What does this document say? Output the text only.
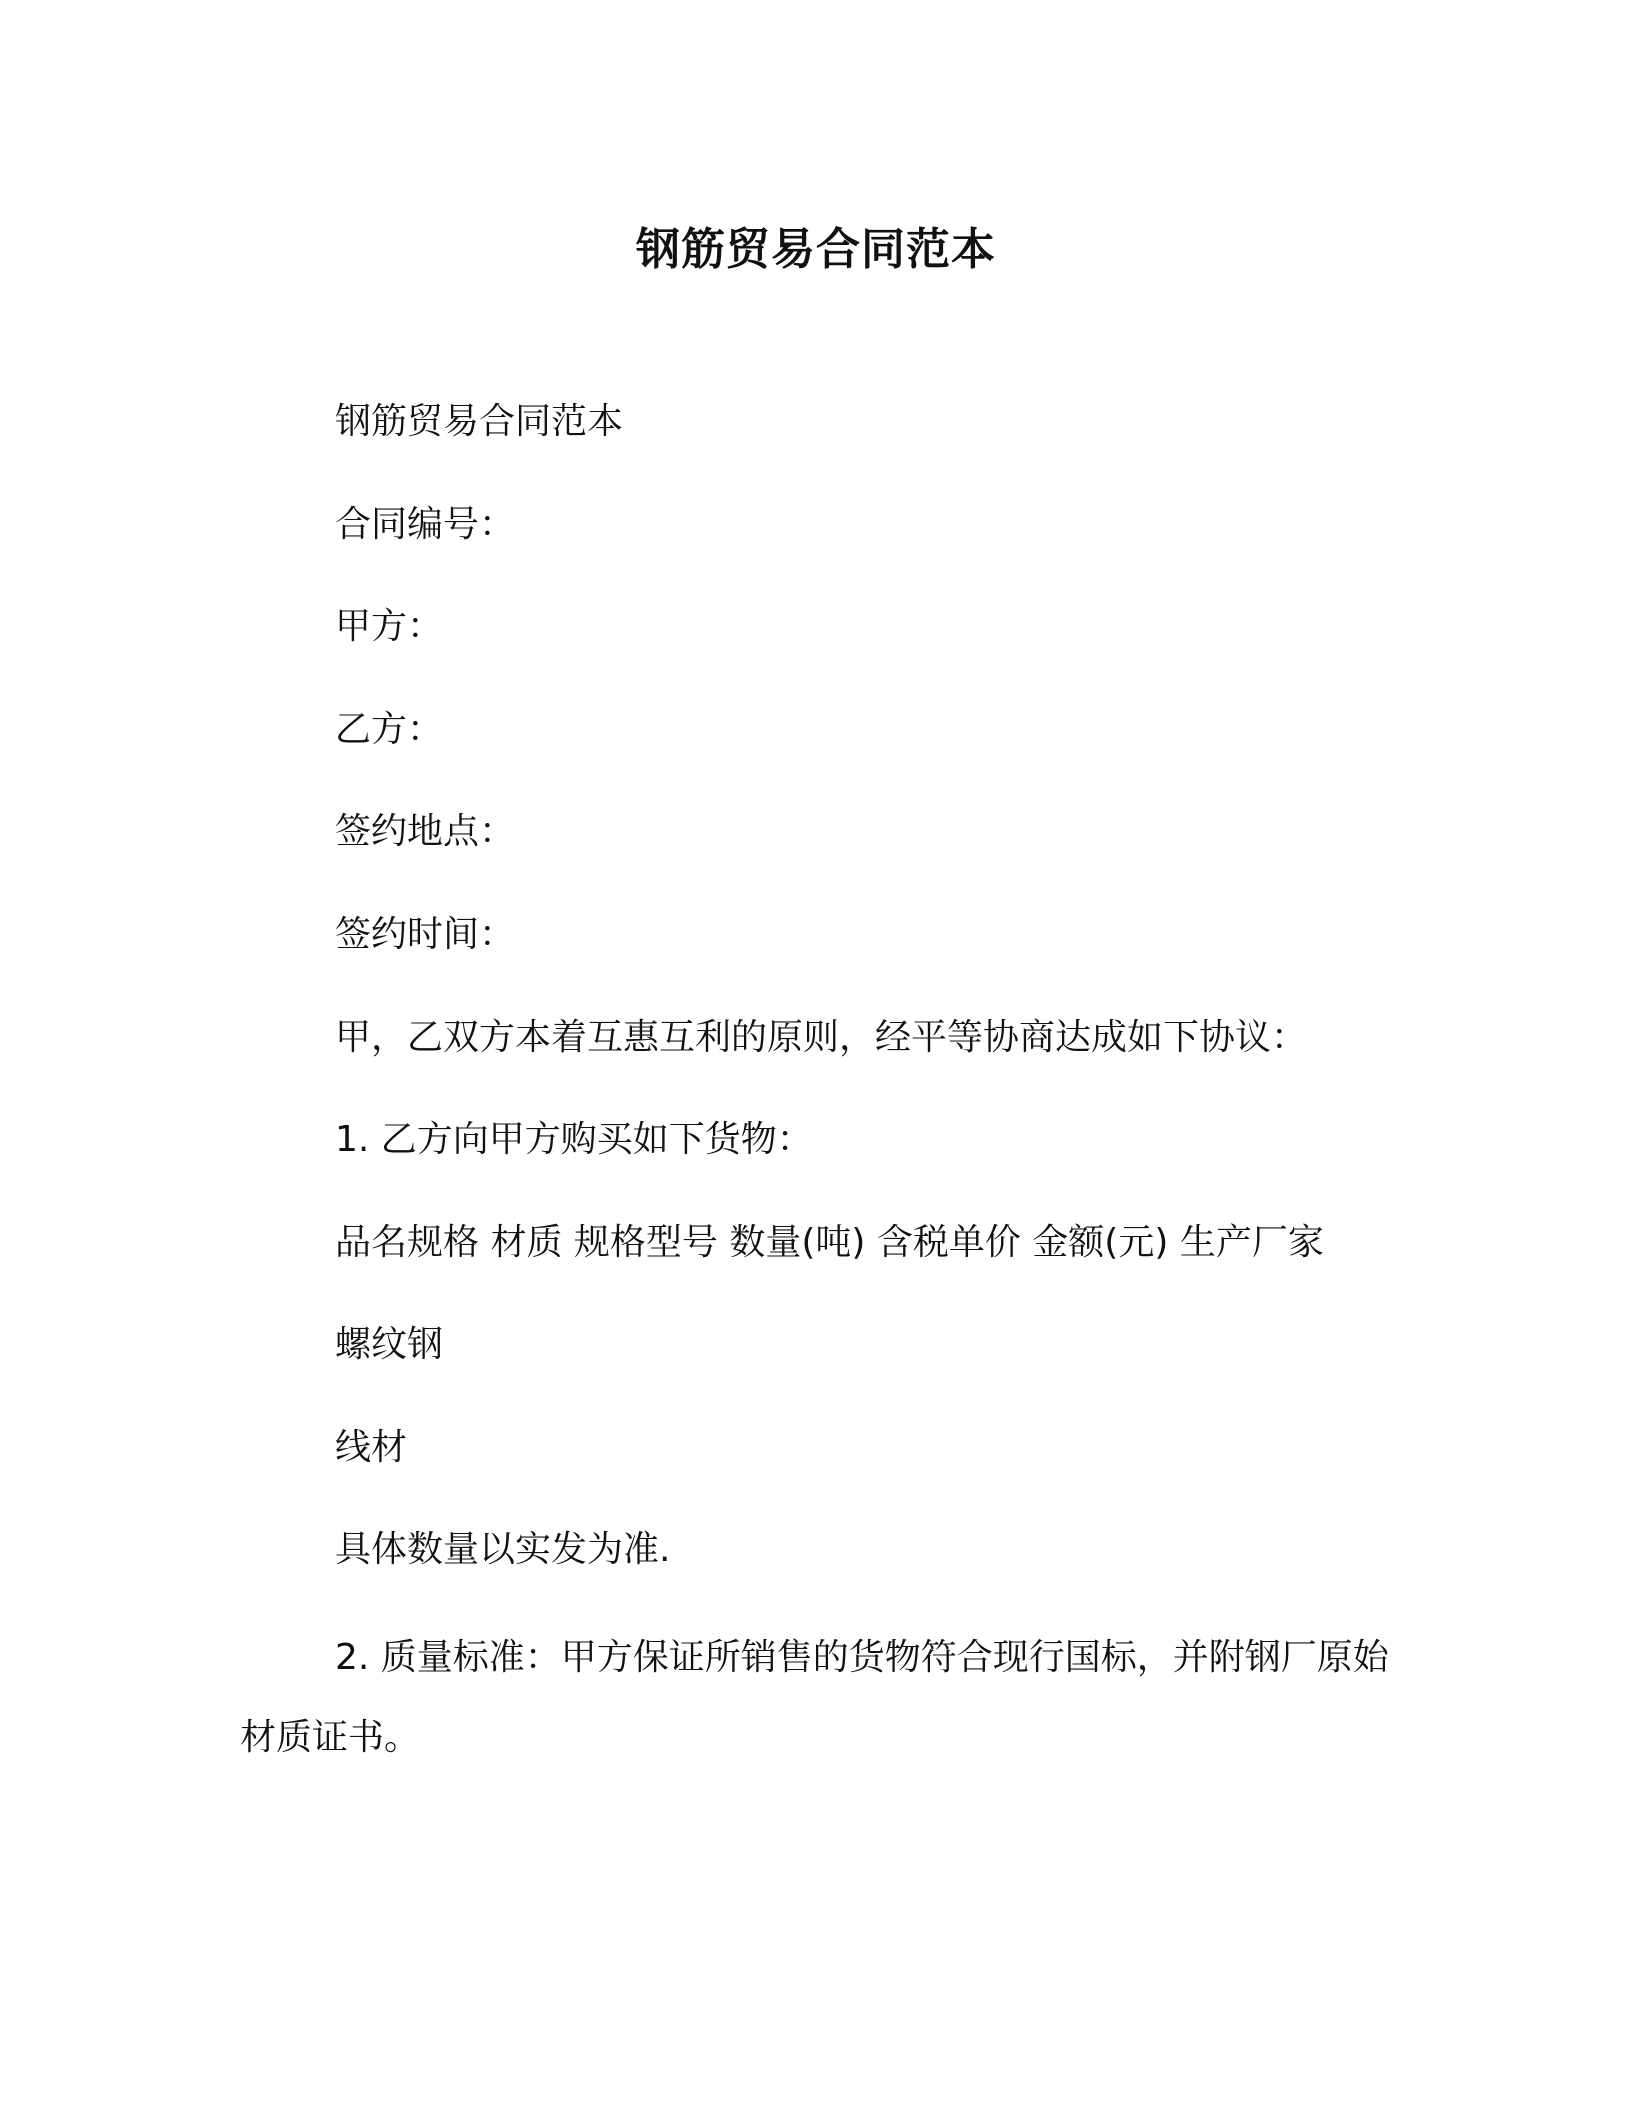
钢筋贸易合同范本
钢筋贸易合同范本
合同编号：
甲方：
乙方：
签约地点：
签约时间：
甲，乙双方本着互惠互利的原则，经平等协商达成如下协议：
1. 乙方向甲方购买如下货物：
品名规格 材质 规格型号 数量(吨) 含税单价 金额(元) 生产厂家
螺纹钢
线材
具体数量以实发为准.
2. 质量标准：甲方保证所销售的货物符合现行国标，并附钢厂原始材质证书。
